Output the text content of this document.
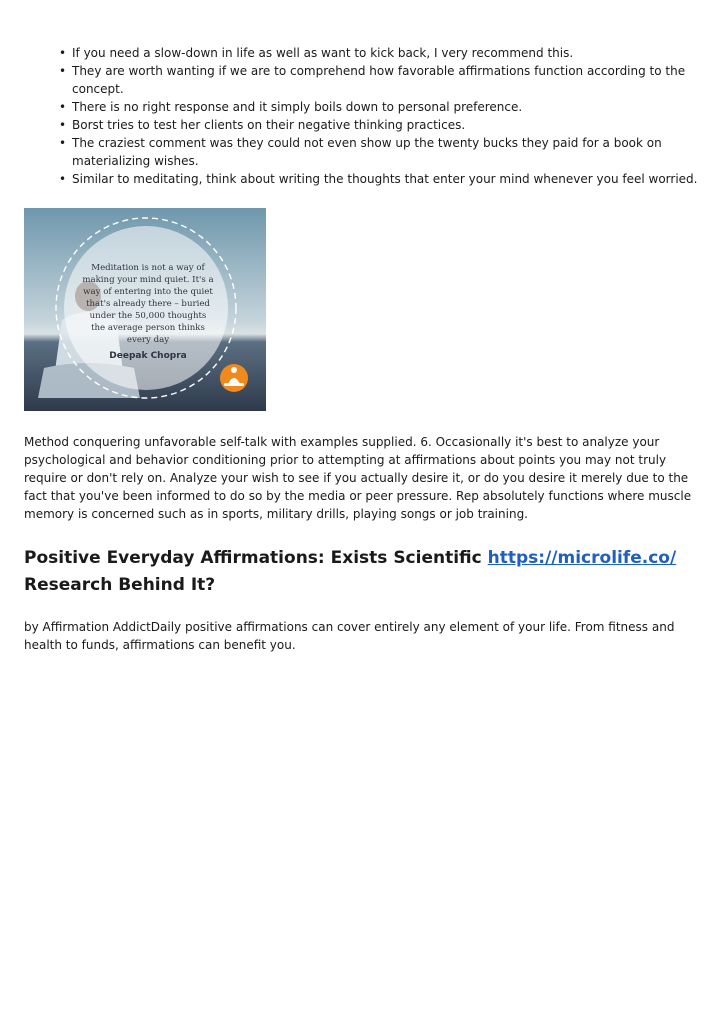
• If you need a slow-down in life as well as want to kick back, I very recommend this.
• They are worth wanting if we are to comprehend how favorable affirmations function according to the concept.
• There is no right response and it simply boils down to personal preference.
• Borst tries to test her clients on their negative thinking practices.
• The craziest comment was they could not even show up the twenty bucks they paid for a book on materializing wishes.
• Similar to meditating, think about writing the thoughts that enter your mind whenever you feel worried.
Meditation is not a way of
making your mind quiet. It's a
way of entering into the quiet
that's already there – buried
under the 50,000 thoughts
the average person thinks
every day
Deepak Chopra

Method conquering unfavorable self-talk with examples supplied. 6. Occasionally it's best to analyze your psychological and behavior conditioning prior to attempting at affirmations about points you may not truly require or don't rely on. Analyze your wish to see if you actually desire it, or do you desire it merely due to the fact that you've been informed to do so by the media or peer pressure. Rep absolutely functions where muscle memory is concerned such as in sports, military drills, playing songs or job training.

Positive Everyday Affirmations: Exists Scientific https://microlife.co/ Research Behind It?

by Affirmation AddictDaily positive affirmations can cover entirely any element of your life. From fitness and health to funds, affirmations can benefit you.
